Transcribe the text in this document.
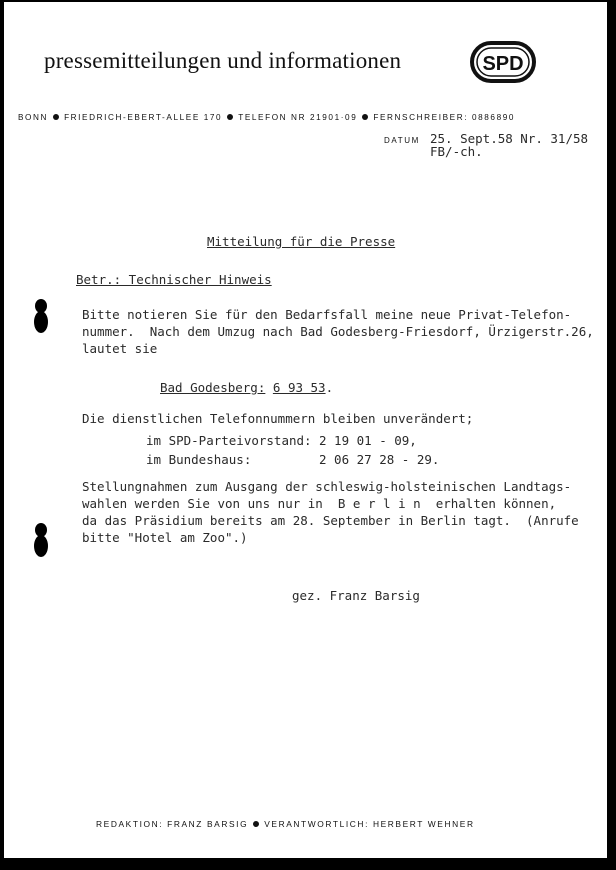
pressemitteilungen und informationen	SPD
BONN FRIEDRICH-EBERT-ALLEE 170 TELEFON NR 21901·09 FERNSCHREIBER: 0886890
DATUM 25. Sept.58 Nr. 31/58
FB/-ch.
Mitteilung für die Presse
Betr.: Technischer Hinweis
Bitte notieren Sie für den Bedarfsfall meine neue Privat-Telefon-
nummer.  Nach dem Umzug nach Bad Godesberg-Friesdorf, Ürzigerstr.26,
lautet sie
Bad Godesberg: 6 93 53.
Die dienstlichen Telefonnummern bleiben unverändert;
im SPD-Parteivorstand: 2 19 01 - 09,
im Bundeshaus:	2 06 27 28 - 29.
Stellungnahmen zum Ausgang der schleswig-holsteinischen Landtags-
wahlen werden Sie von uns nur in  B e r l i n  erhalten können,
da das Präsidium bereits am 28. September in Berlin tagt.  (Anrufe
bitte "Hotel am Zoo".)
gez. Franz Barsig
REDAKTION: FRANZ BARSIG VERANTWORTLICH: HERBERT WEHNER
